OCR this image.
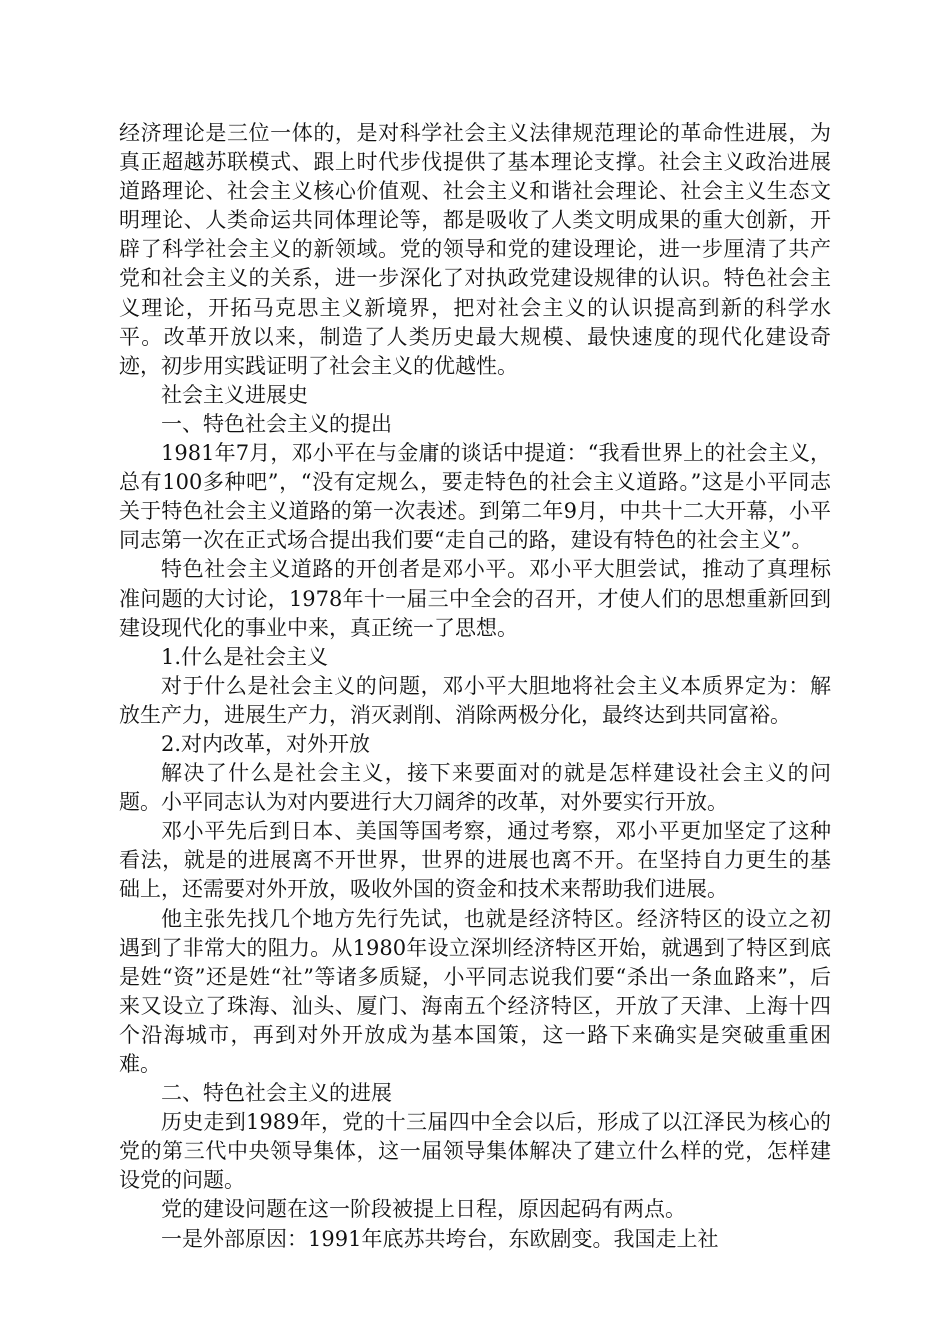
经济理论是三位一体的，是对科学社会主义法律规范理论的革命性进展，为真正超越苏联模式、跟上时代步伐提供了基本理论支撑。社会主义政治进展道路理论、社会主义核心价值观、社会主义和谐社会理论、社会主义生态文明理论、人类命运共同体理论等，都是吸收了人类文明成果的重大创新，开辟了科学社会主义的新领域。党的领导和党的建设理论，进一步厘清了共产党和社会主义的关系，进一步深化了对执政党建设规律的认识。特色社会主义理论，开拓马克思主义新境界，把对社会主义的认识提高到新的科学水平。改革开放以来，制造了人类历史最大规模、最快速度的现代化建设奇迹，初步用实践证明了社会主义的优越性。

社会主义进展史

一、特色社会主义的提出

1981年7月，邓小平在与金庸的谈话中提道：“我看世界上的社会主义，总有100多种吧”，“没有定规么，要走特色的社会主义道路。”这是小平同志关于特色社会主义道路的第一次表述。到第二年9月，中共十二大开幕，小平同志第一次在正式场合提出我们要“走自己的路，建设有特色的社会主义”。

特色社会主义道路的开创者是邓小平。邓小平大胆尝试，推动了真理标准问题的大讨论，1978年十一届三中全会的召开，才使人们的思想重新回到建设现代化的事业中来，真正统一了思想。

1.什么是社会主义

对于什么是社会主义的问题，邓小平大胆地将社会主义本质界定为：解放生产力，进展生产力，消灭剥削、消除两极分化，最终达到共同富裕。

2.对内改革，对外开放

解决了什么是社会主义，接下来要面对的就是怎样建设社会主义的问题。小平同志认为对内要进行大刀阔斧的改革，对外要实行开放。

邓小平先后到日本、美国等国考察，通过考察，邓小平更加坚定了这种看法，就是的进展离不开世界，世界的进展也离不开。在坚持自力更生的基础上，还需要对外开放，吸收外国的资金和技术来帮助我们进展。

他主张先找几个地方先行先试，也就是经济特区。经济特区的设立之初遇到了非常大的阻力。从1980年设立深圳经济特区开始，就遇到了特区到底是姓“资”还是姓“社”等诸多质疑，小平同志说我们要“杀出一条血路来”，后来又设立了珠海、汕头、厦门、海南五个经济特区，开放了天津、上海十四个沿海城市，再到对外开放成为基本国策，这一路下来确实是突破重重困难。

二、特色社会主义的进展

历史走到1989年，党的十三届四中全会以后，形成了以江泽民为核心的党的第三代中央领导集体，这一届领导集体解决了建立什么样的党，怎样建设党的问题。

党的建设问题在这一阶段被提上日程，原因起码有两点。

一是外部原因：1991年底苏共垮台，东欧剧变。我国走上社
